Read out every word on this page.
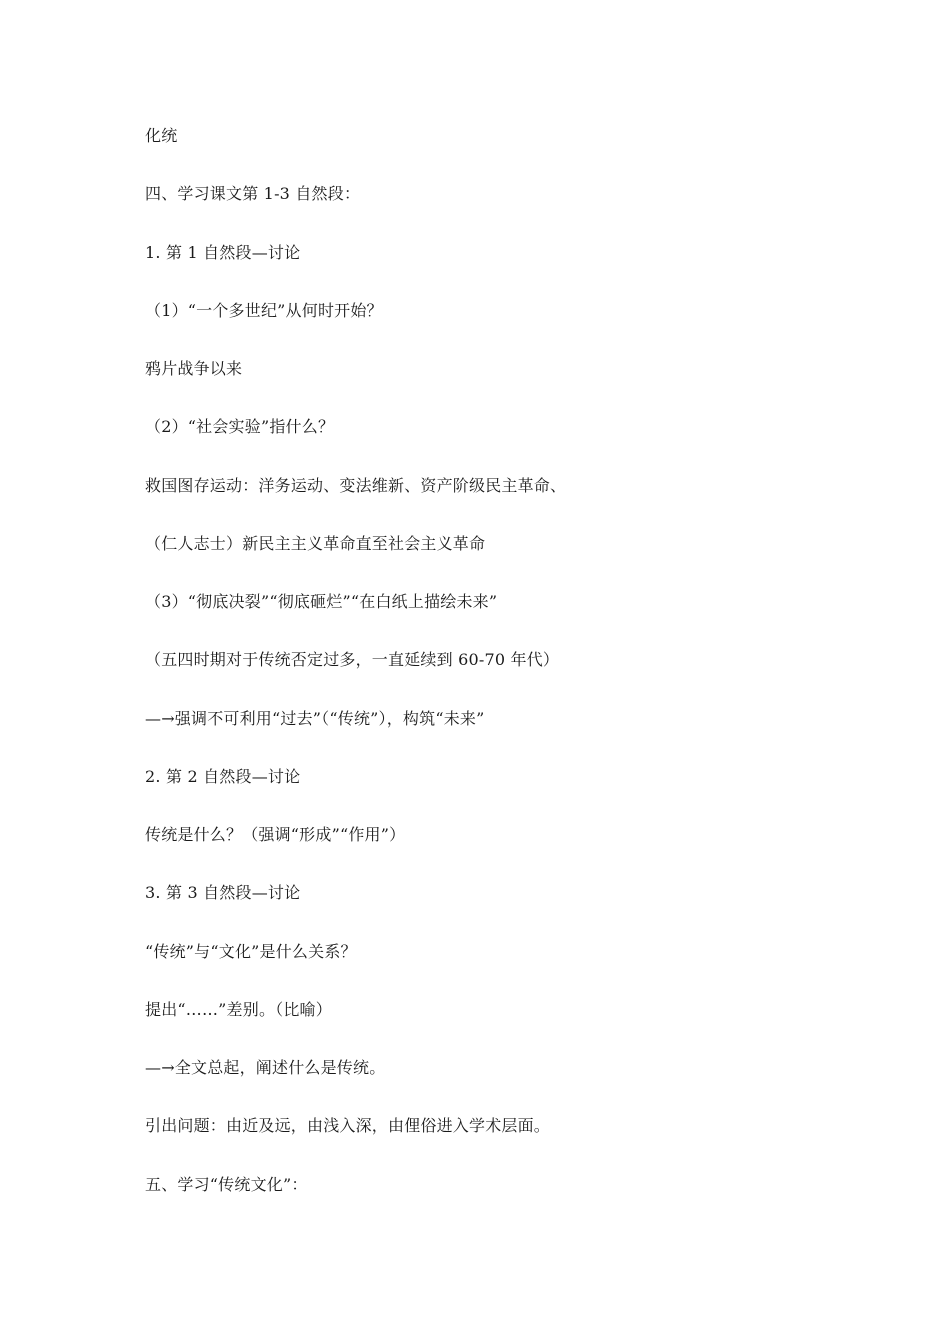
化统
四、学习课文第 1-3 自然段：
1. 第 1 自然段—讨论
（1）“一个多世纪”从何时开始？
鸦片战争以来
（2）“社会实验”指什么？
救国图存运动：洋务运动、变法维新、资产阶级民主革命、
（仁人志士）新民主主义革命直至社会主义革命
（3）“彻底决裂”“彻底砸烂”“在白纸上描绘未来”
（五四时期对于传统否定过多，一直延续到 60-70 年代）
—→强调不可利用“过去”（“传统”），构筑“未来”
2. 第 2 自然段—讨论
传统是什么？（强调“形成”“作用”）
3. 第 3 自然段—讨论
“传统”与“文化”是什么关系？
提出“……”差别。（比喻）
—→全文总起，阐述什么是传统。
引出问题：由近及远，由浅入深，由俚俗进入学术层面。
五、学习“传统文化”：
